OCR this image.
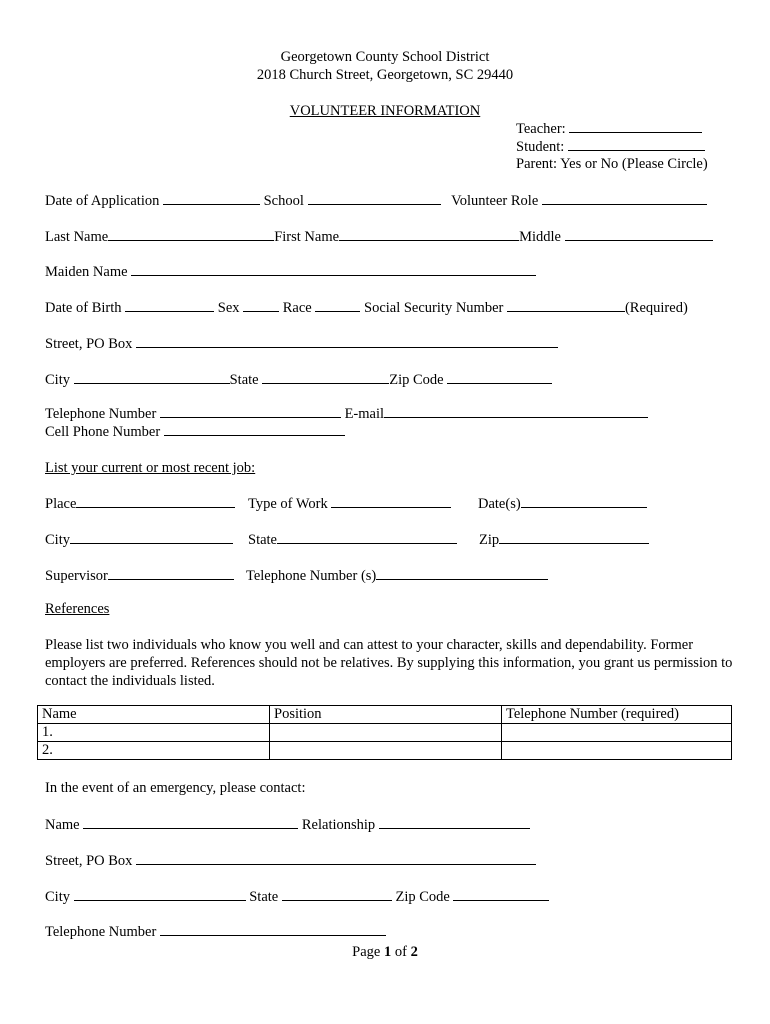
Georgetown County School District
2018 Church Street, Georgetown, SC 29440
VOLUNTEER INFORMATION
Teacher:
Student:
Parent: Yes or No (Please Circle)
Date of Application	School	Volunteer Role
Last Name	First Name	Middle
Maiden Name
Date of Birth	Sex	Race	Social Security Number	(Required)
Street, PO Box
City	State	Zip Code
Telephone Number	E-mail
Cell Phone Number
List your current or most recent job:
Place	Type of Work	Date(s)
City	State	Zip
Supervisor	Telephone Number (s)
References
Please list two individuals who know you well and can attest to your character, skills and dependability. Former employers are preferred. References should not be relatives. By supplying this information, you grant us permission to contact the individuals listed.
Name	Position	Telephone Number (required)
1.		
2.		
In the event of an emergency, please contact:
Name	Relationship
Street, PO Box
City	State	Zip Code
Telephone Number
Page 1 of 2
